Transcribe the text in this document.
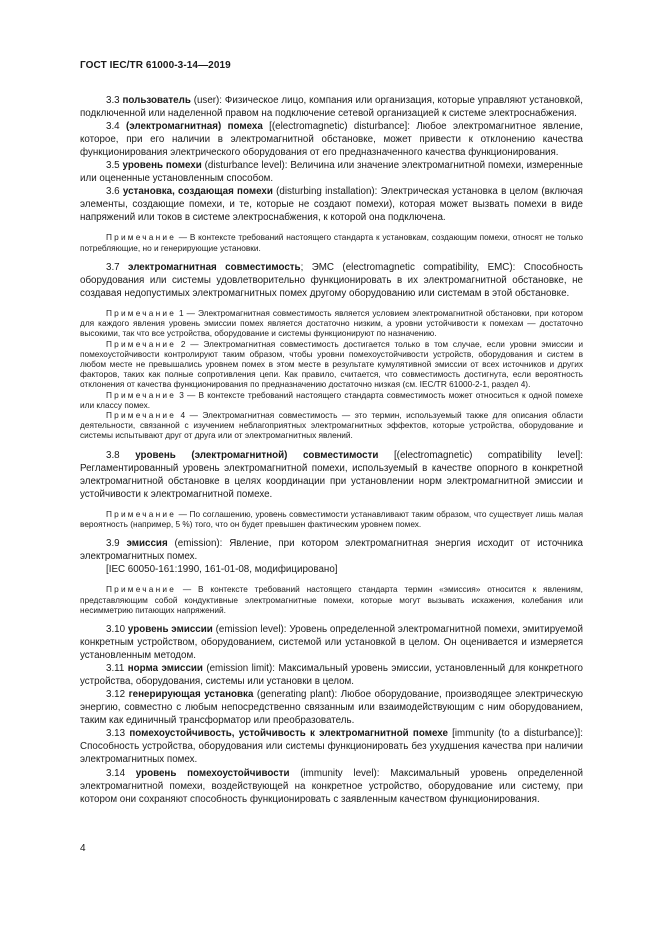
ГОСТ IEC/TR 61000-3-14—2019

3.3 пользователь (user): Физическое лицо, компания или организация, которые управляют установкой, подключенной или наделенной правом на подключение сетевой организацией к системе электроснабжения.

3.4 (электромагнитная) помеха [(electromagnetic) disturbance]: Любое электромагнитное явление, которое, при его наличии в электромагнитной обстановке, может привести к отклонению качества функционирования электрического оборудования от его предназначенного качества функционирования.

3.5 уровень помехи (disturbance level): Величина или значение электромагнитной помехи, измеренные или оцененные установленным способом.

3.6 установка, создающая помехи (disturbing installation): Электрическая установка в целом (включая элементы, создающие помехи, и те, которые не создают помехи), которая может вызвать помехи в виде напряжений или токов в системе электроснабжения, к которой она подключена.

Примечание — В контексте требований настоящего стандарта к установкам, создающим помехи, относят не только потребляющие, но и генерирующие установки.

3.7 электромагнитная совместимость; ЭМС (electromagnetic compatibility, EMC): Способность оборудования или системы удовлетворительно функционировать в их электромагнитной обстановке, не создавая недопустимых электромагнитных помех другому оборудованию или системам в этой обстановке.

Примечание 1 — Электромагнитная совместимость является условием электромагнитной обстановки, при котором для каждого явления уровень эмиссии помех является достаточно низким, а уровни устойчивости к помехам — достаточно высокими, так что все устройства, оборудование и системы функционируют по назначению.

Примечание 2 — Электромагнитная совместимость достигается только в том случае, если уровни эмиссии и помехоустойчивости контролируют таким образом, чтобы уровни помехоустойчивости устройств, оборудования и систем в любом месте не превышались уровнем помех в этом месте в результате кумулятивной эмиссии от всех источников и других факторов, таких как полные сопротивления цепи. Как правило, считается, что совместимость достигнута, если вероятность отклонения от качества функционирования по предназначению достаточно низкая (см. IEC/TR 61000-2-1, раздел 4).

Примечание 3 — В контексте требований настоящего стандарта совместимость может относиться к одной помехе или классу помех.

Примечание 4 — Электромагнитная совместимость — это термин, используемый также для описания области деятельности, связанной с изучением неблагоприятных электромагнитных эффектов, которые устройства, оборудование и системы испытывают друг от друга или от электромагнитных явлений.

3.8 уровень (электромагнитной) совместимости [(electromagnetic) compatibility level]: Регламентированный уровень электромагнитной помехи, используемый в качестве опорного в конкретной электромагнитной обстановке в целях координации при установлении норм электромагнитной эмиссии и устойчивости к электромагнитной помехе.

Примечание — По соглашению, уровень совместимости устанавливают таким образом, что существует лишь малая вероятность (например, 5 %) того, что он будет превышен фактическим уровнем помех.

3.9 эмиссия (emission): Явление, при котором электромагнитная энергия исходит от источника электромагнитных помех.

[IEC 60050-161:1990, 161-01-08, модифицировано]

Примечание — В контексте требований настоящего стандарта термин «эмиссия» относится к явлениям, представляющим собой кондуктивные электромагнитные помехи, которые могут вызывать искажения, колебания или несимметрию питающих напряжений.

3.10 уровень эмиссии (emission level): Уровень определенной электромагнитной помехи, эмитируемой конкретным устройством, оборудованием, системой или установкой в целом. Он оценивается и измеряется установленным методом.

3.11 норма эмиссии (emission limit): Максимальный уровень эмиссии, установленный для конкретного устройства, оборудования, системы или установки в целом.

3.12 генерирующая установка (generating plant): Любое оборудование, производящее электрическую энергию, совместно с любым непосредственно связанным или взаимодействующим с ним оборудованием, таким как единичный трансформатор или преобразователь.

3.13 помехоустойчивость, устойчивость к электромагнитной помехе [immunity (to a disturbance)]: Способность устройства, оборудования или системы функционировать без ухудшения качества при наличии электромагнитных помех.

3.14 уровень помехоустойчивости (immunity level): Максимальный уровень определенной электромагнитной помехи, воздействующей на конкретное устройство, оборудование или систему, при котором они сохраняют способность функционировать с заявленным качеством функционирования.

4
